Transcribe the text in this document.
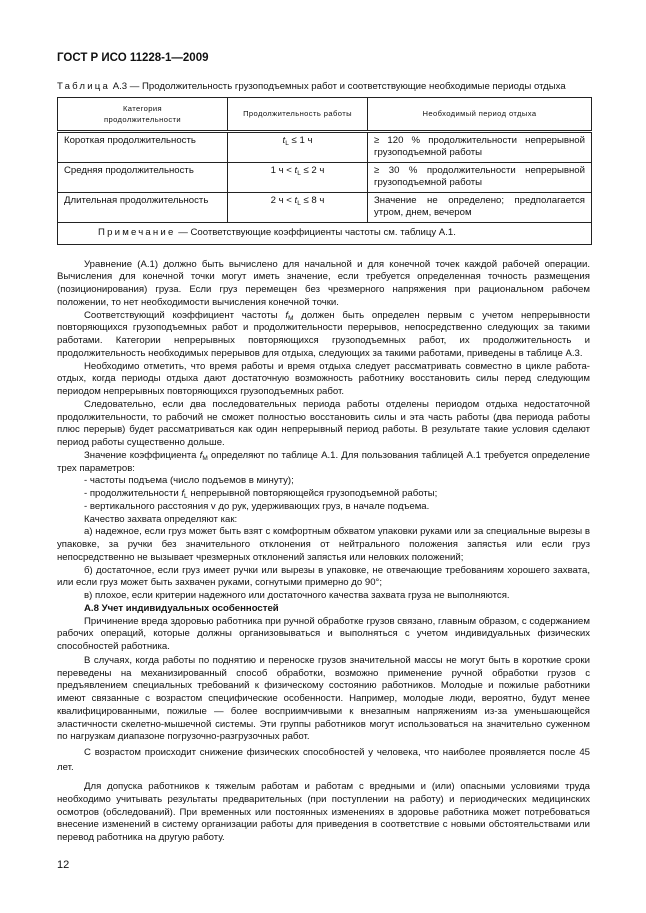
ГОСТ Р ИСО 11228-1—2009
Таблица А.3 — Продолжительность грузоподъемных работ и соответствующие необходимые периоды отдыха
Категория продолжительности	Продолжительность работы	Необходимый период отдыха
Короткая продолжительность	$t_L \le 1$ ч	≥ 120 % продолжительности непрерывной грузоподъемной работы
Средняя продолжительность	1 $ч < t_L \le 2$ ч	≥ 30 % продолжительности непрерывной грузоподъемной работы
Длительная продолжительность	2 $ч < t_L \le 8$ ч	Значение не определено; предполагается утром, днем, вечером
Примечание — Соответствующие коэффициенты частоты см. таблицу А.1.		

Уравнение (А.1) должно быть вычислено для начальной и для конечной точек каждой рабочей операции. Вычисления для конечной точки могут иметь значение, если требуется определенная точность размещения (позиционирования) груза. Если груз перемещен без чрезмерного напряжения при рациональном рабочем положении, то нет необходимости вычисления конечной точки.

Соответствующий коэффициент частоты $f_M$ должен быть определен первым с учетом непрерывности повторяющихся грузоподъемных работ и продолжительности перерывов, непосредственно следующих за такими работами. Категории непрерывных повторяющихся грузоподъемных работ, их продолжительность и продолжительность необходимых перерывов для отдыха, следующих за такими работами, приведены в таблице А.3.

Необходимо отметить, что время работы и время отдыха следует рассматривать совместно в цикле работа-отдых, когда периоды отдыха дают достаточную возможность работнику восстановить силы перед следующим периодом непрерывных повторяющихся грузоподъемных работ.

Следовательно, если два последовательных периода работы отделены периодом отдыха недостаточной продолжительности, то рабочий не сможет полностью восстановить силы и эта часть работы (два периода работы плюс перерыв) будет рассматриваться как один непрерывный период работы. В результате такие условия сделают период работы существенно дольше.

Значение коэффициента $f_M$ определяют по таблице А.1. Для пользования таблицей А.1 требуется определение трех параметров:

- частоты подъема (число подъемов в минуту);

- продолжительности $f_L$ непрерывной повторяющейся грузоподъемной работы;

- вертикального расстояния v до рук, удерживающих груз, в начале подъема.

Качество захвата определяют как:

а) надежное, если груз может быть взят с комфортным обхватом упаковки руками или за специальные вырезы в упаковке, за ручки без значительного отклонения от нейтрального положения запястья или если груз непосредственно не вызывает чрезмерных отклонений запястья или неловких положений;

б) достаточное, если груз имеет ручки или вырезы в упаковке, не отвечающие требованиям хорошего захвата, или если груз может быть захвачен руками, согнутыми примерно до 90°;

в) плохое, если критерии надежного или достаточного качества захвата груза не выполняются.

А.8 Учет индивидуальных особенностей

Причинение вреда здоровью работника при ручной обработке грузов связано, главным образом, с содержанием рабочих операций, которые должны организовываться и выполняться с учетом индивидуальных физических способностей работника.

В случаях, когда работы по поднятию и переноске грузов значительной массы не могут быть в короткие сроки переведены на механизированный способ обработки, возможно применение ручной обработки грузов с предъявлением специальных требований к физическому состоянию работников. Молодые и пожилые работники имеют связанные с возрастом специфические особенности. Например, молодые люди, вероятно, будут менее квалифицированными, пожилые — более восприимчивыми к внезапным напряжениям из-за уменьшающейся эластичности скелетно-мышечной системы. Эти группы работников могут использоваться на значительно суженном по нагрузкам диапазоне погрузочно-разгрузочных работ.

С возрастом происходит снижение физических способностей у человека, что наиболее проявляется после 45 лет.

Для допуска работников к тяжелым работам и работам с вредными и (или) опасными условиями труда необходимо учитывать результаты предварительных (при поступлении на работу) и периодических медицинских осмотров (обследований). При временных или постоянных изменениях в здоровье работника может потребоваться внесение изменений в систему организации работы для приведения в соответствие с новыми обстоятельствами или перевод работника на другую работу.

12
